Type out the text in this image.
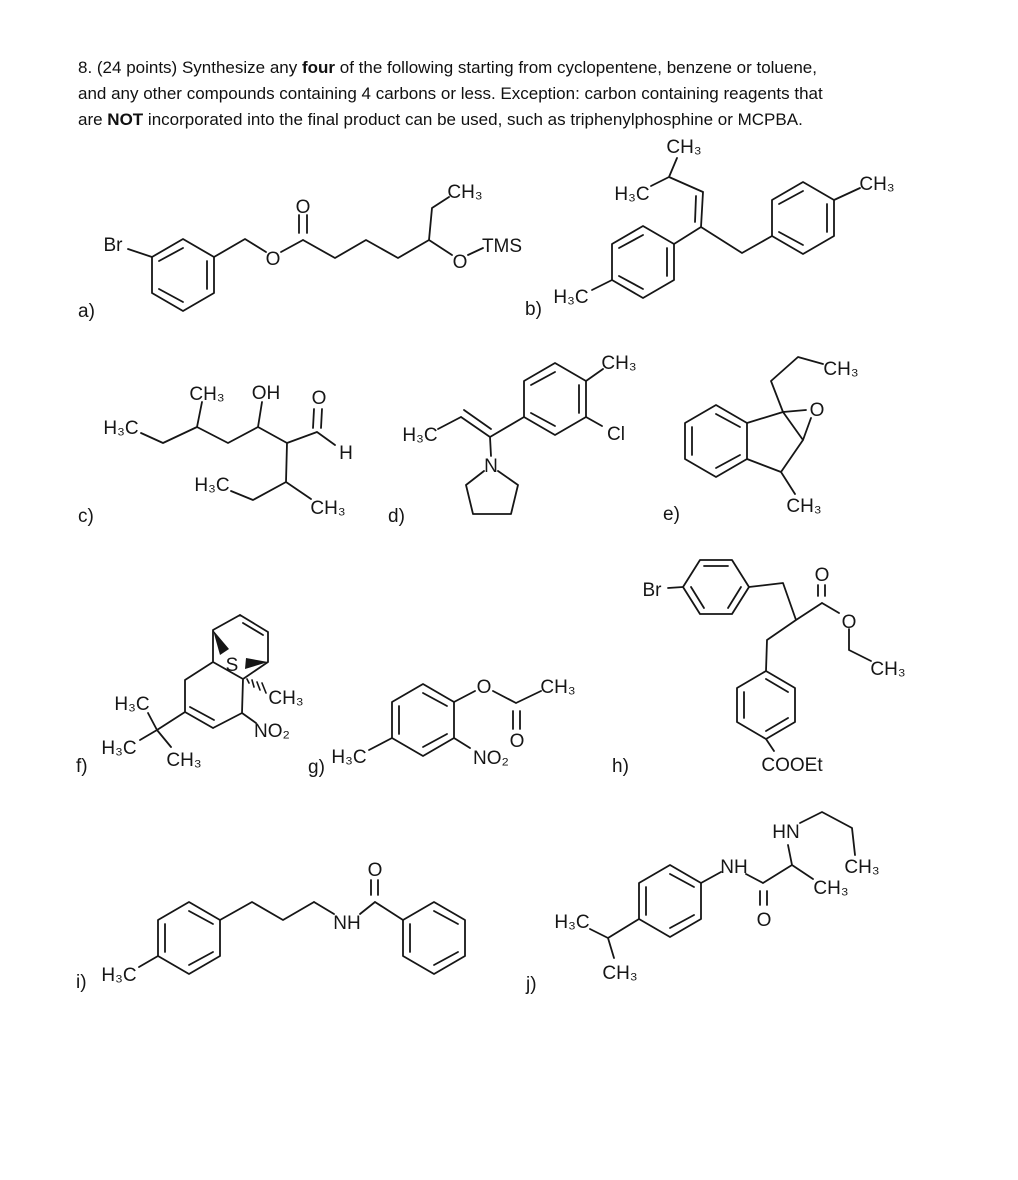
8. (24 points) Synthesize any four of the following starting from cyclopentene, benzene or toluene,
and any other compounds containing 4 carbons or less. Exception: carbon containing reagents that
are NOT incorporated into the final product can be used, such as triphenylphosphine or MCPBA.
Br
O
O
CH₃
O
TMS
a)
CH₃
H₃C
H₃C
CH₃
b)
H₃C
CH₃ OH O
H
H₃C
CH₃
c)
H₃C
CH₃
Cl
N
d)
CH₃
O
CH₃
e)
S
H₃C
H₃C
CH₃
CH₃
NO₂
f)	H₃C
O
O
CH₃
NO₂
g)
Br
O
O
CH₃
COOEt
h)
H₃C
NH
O
i)
H₃C
CH₃
NH
O
CH₃
HN
CH₃
j)
